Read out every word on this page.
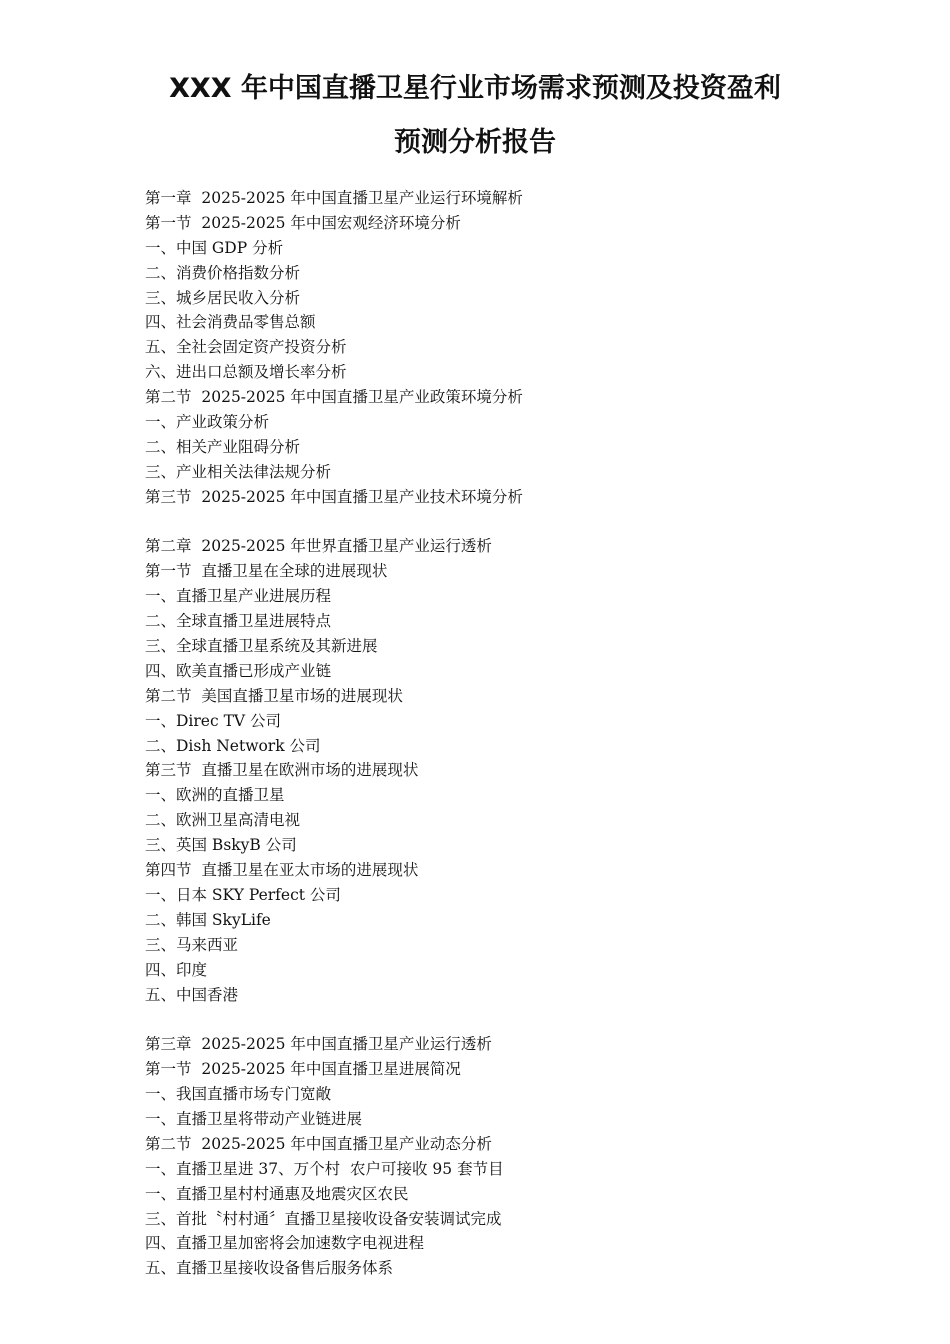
XXX 年中国直播卫星行业市场需求预测及投资盈利
预测分析报告
第一章  2025-2025 年中国直播卫星产业运行环境解析
第一节  2025-2025 年中国宏观经济环境分析
一、中国 GDP 分析
二、消费价格指数分析
三、城乡居民收入分析
四、社会消费品零售总额
五、全社会固定资产投资分析
六、进出口总额及增长率分析
第二节  2025-2025 年中国直播卫星产业政策环境分析
一、产业政策分析
二、相关产业阻碍分析
三、产业相关法律法规分析
第三节  2025-2025 年中国直播卫星产业技术环境分析
第二章  2025-2025 年世界直播卫星产业运行透析
第一节  直播卫星在全球的进展现状
一、直播卫星产业进展历程
二、全球直播卫星进展特点
三、全球直播卫星系统及其新进展
四、欧美直播已形成产业链
第二节  美国直播卫星市场的进展现状
一、Direc TV 公司
二、Dish Network 公司
第三节  直播卫星在欧洲市场的进展现状
一、欧洲的直播卫星
二、欧洲卫星高清电视
三、英国 BskyB 公司
第四节  直播卫星在亚太市场的进展现状
一、日本 SKY Perfect 公司
二、韩国 SkyLife
三、马来西亚
四、印度
五、中国香港
第三章  2025-2025 年中国直播卫星产业运行透析
第一节  2025-2025 年中国直播卫星进展简况
一、我国直播市场专门宽敞
一、直播卫星将带动产业链进展
第二节  2025-2025 年中国直播卫星产业动态分析
一、直播卫星进 37、万个村  农户可接收 95 套节目
一、直播卫星村村通惠及地震灾区农民
三、首批〝村村通〞直播卫星接收设备安装调试完成
四、直播卫星加密将会加速数字电视进程
五、直播卫星接收设备售后服务体系
